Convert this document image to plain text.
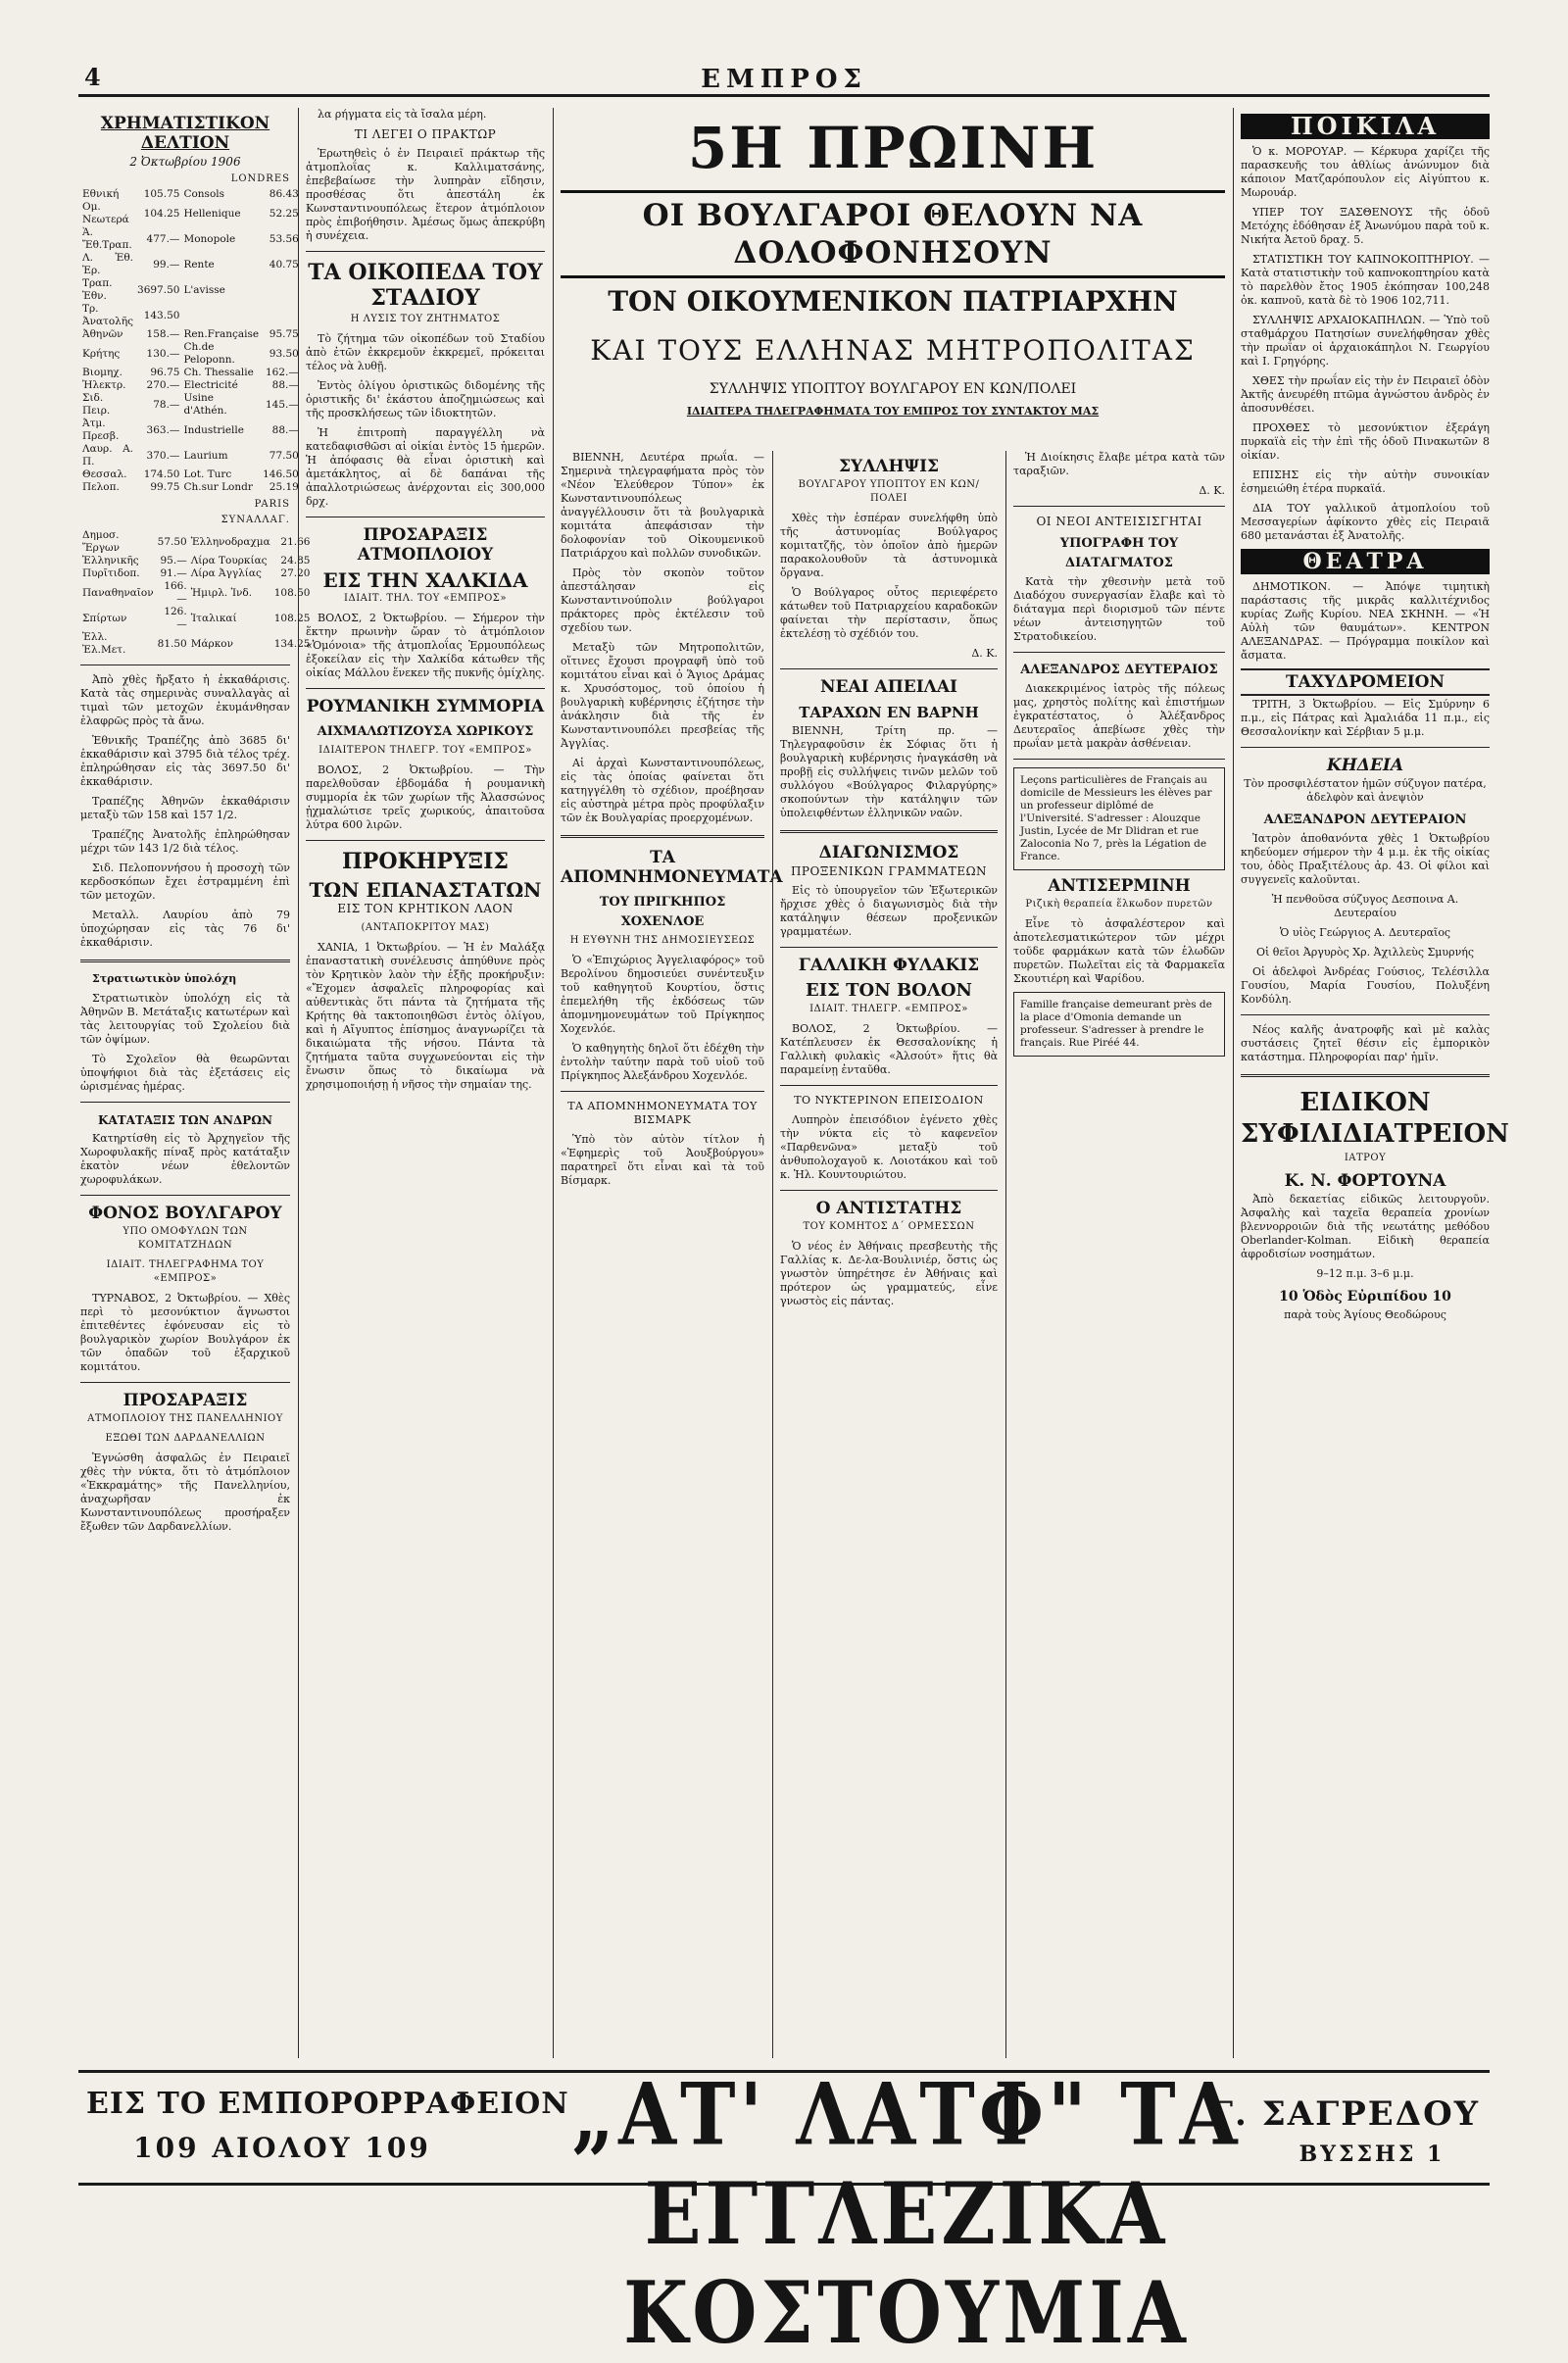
4	ΕΜΠΡΟΣ
ΧΡΗΜΑΤΙΣΤΙΚΟΝ ΔΕΛΤΙΟΝ
2 Ὀκτωβρίου 1906
LONDRES
Εθνική	105.75	Consols	86.43
Ομ. Νεωτερά	104.25	Hellenique	52.25
Ὰ. Ἔθ.Τραπ.	477.—	Monopole	53.56
Λ. Ἐθ. Ἐρ.	99.—	Rente	40.75
Τραπ. Ἑθν.	3697.50	L'avisse	
Τρ. Ἀνατολῆς	143.50		
Ἀθηνῶν	158.—	Ren.Française	95.75
Κρήτης	130.—	Ch.de Peloponn.	93.50
Βιομηχ.	96.75	Ch. Thessalie	162.—
Ἠλεκτρ.	270.—	Electricité	88.—
Σιδ. Πειρ.	78.—	Usine d'Athén.	145.—
Ἀτμ. Πρεσβ.	363.—	Industrielle	88.—
Λαυρ. Α. Π.	370.—	Laurium	77.50
Θεσσαλ.	174.50	Lot. Turc	146.50
Πελοπ.	99.75	Ch.sur Londr	25.19
PARIS
ΣΥΝΑΛΛΑΓ.
Δημοσ. Ἔργων	57.50	Ἑλληνοδραχμα	21.66
Ἑλληνικῆς	95.—	Λίρα Τουρκίας	24.85
Πυρῖτιδοπ.	91.—	Λίρα Ἀγγλίας	27.20
Παναθηναῖον	166.—	Ἡμιρλ. Ἰνδ.	108.50
Σπίρτων	126.—	Ἰταλικαί	108.25
Ἑλλ. Ἐλ.Μετ.	81.50	Μάρκον	134.25

Ἀπὸ χθὲς ἤρξατο ἡ ἐκκαθάρισις. Κατὰ τὰς σημερινὰς συναλλαγὰς αἱ τιμαὶ τῶν μετοχῶν ἐκυμάνθησαν ἐλαφρῶς πρὸς τὰ ἄνω.

Ἐθνικῆς Τραπέζης ἀπὸ 3685 δι' ἐκκαθάρισιν καὶ 3795 διὰ τέλος τρέχ. ἐπληρώθησαν εἰς τὰς 3697.50 δι' ἐκκαθάρισιν.

Τραπέζης Ἀθηνῶν ἐκκαθάρισιν μεταξὺ τῶν 158 καὶ 157 1/2.

Τραπέζης Ἀνατολῆς ἐπληρώθησαν μέχρι τῶν 143 1/2 διὰ τέλος.

Σιδ. Πελοποννήσου ἡ προσοχὴ τῶν κερδοσκόπων ἔχει ἐστραμμένη ἐπὶ τῶν μετοχῶν.

Μεταλλ. Λαυρίου ἀπὸ 79 ὑποχώρησαν εἰς τὰς 76 δι' ἐκκαθάρισιν.

Στρατιωτικὸν ὑπολόχη

Στρατιωτικὸν ὑπολόχη εἰς τὰ Ἀθηνῶν Β. Μετάταξις κατωτέρων καὶ τὰς λειτουργίας τοῦ Σχολείου διὰ τῶν ὀψίμων.

Τὸ Σχολεῖον θὰ θεωρῶνται ὑποψήφιοι διὰ τὰς ἐξετάσεις εἰς ὡρισμένας ἡμέρας.

ΚΑΤΑΤΑΞΙΣ ΤΩΝ ΑΝΔΡΩΝ

Κατηρτίσθη εἰς τὸ Ἀρχηγεῖον τῆς Χωροφυλακῆς πίναξ πρὸς κατάταξιν ἑκατὸν νέων ἐθελοντῶν χωροφυλάκων.

ΦΟΝΟΣ ΒΟΥΛΓΑΡΟΥ
ΥΠΟ ΟΜΟΦΥΛΩΝ ΤΩΝ ΚΟΜΙΤΑΤΖΗΔΩΝ
ΙΔΙΑΙΤ. ΤΗΛΕΓΡΑΦΗΜΑ ΤΟΥ «ΕΜΠΡΟΣ»

ΤΥΡΝΑΒΟΣ, 2 Ὀκτωβρίου. — Χθὲς περὶ τὸ μεσονύκτιον ἄγνωστοι ἐπιτεθέντες ἐφόνευσαν εἰς τὸ βουλγαρικὸν χωρίον Βουλγάρον ἐκ τῶν ὀπαδῶν τοῦ ἐξαρχικοῦ κομιτάτου.

ΠΡΟΣΑΡΑΞΙΣ
ΑΤΜΟΠΛΟΙΟΥ ΤΗΣ ΠΑΝΕΛΛΗΝΙΟΥ
ΕΞΩΘΙ ΤΩΝ ΔΑΡΔΑΝΕΛΛΙΩΝ

Ἐγνώσθη ἀσφαλῶς ἐν Πειραιεῖ χθὲς τὴν νύκτα, ὅτι τὸ ἀτμόπλοιον «Ἐκκραμάτης» τῆς Πανελληνίου, ἀναχωρῆσαν ἐκ Κωνσταντινουπόλεως προσήραξεν ἔξωθεν τῶν Δαρδανελλίων.

λα ρήγματα εἰς τὰ ἴσαλα μέρη.

ΤΙ ΛΕΓΕΙ Ο ΠΡΑΚΤΩΡ

Ἐρωτηθεὶς ὁ ἐν Πειραιεῖ πράκτωρ τῆς ἀτμοπλοΐας κ. Καλλιματσάνης, ἐπεβεβαίωσε τὴν λυπηρὰν εἴδησιν, προσθέσας ὅτι ἀπεστάλη ἐκ Κωνσταντινουπόλεως ἕτερον ἀτμόπλοιον πρὸς ἐπιβοήθησιν. Ἀμέσως ὅμως ἀπεκρύβη ἡ συνέχεια.

ΤΑ ΟΙΚΟΠΕΔΑ ΤΟΥ ΣΤΑΔΙΟΥ
Η ΛΥΣΙΣ ΤΟΥ ΖΗΤΗΜΑΤΟΣ

Τὸ ζήτημα τῶν οἰκοπέδων τοῦ Σταδίου ἀπὸ ἐτῶν ἐκκρεμοῦν ἐκκρεμεῖ, πρόκειται τέλος νὰ λυθῇ.

Ἐντὸς ὀλίγου ὁριστικῶς διδομένης τῆς ὁριστικῆς δι' ἑκάστου ἀποζημιώσεως καὶ τῆς προσκλήσεως τῶν ἰδιοκτητῶν.

Ἡ ἐπιτροπὴ παραγγέλλη νὰ κατεδαφισθῶσι αἱ οἰκίαι ἐντὸς 15 ἡμερῶν. Ἡ ἀπόφασις θὰ εἶναι ὁριστικὴ καὶ ἀμετάκλητος, αἱ δὲ δαπάναι τῆς ἀπαλλοτριώσεως ἀνέρχονται εἰς 300,000 δρχ.

ΠΡΟΣΑΡΑΞΙΣ ΑΤΜΟΠΛΟΙΟΥ
ΕΙΣ ΤΗΝ ΧΑΛΚΙΔΑ
ΙΔΙΑΙΤ. ΤΗΛ. ΤΟΥ «ΕΜΠΡΟΣ»

ΒΟΛΟΣ, 2 Ὀκτωβρίου. — Σήμερον τὴν ἕκτην πρωινὴν ὥραν τὸ ἀτμόπλοιον «Ὁμόνοια» τῆς ἀτμοπλοΐας Ἑρμουπόλεως ἐξοκείλαν εἰς τὴν Χαλκίδα κάτωθεν τῆς οἰκίας Μάλλου ἕνεκεν τῆς πυκνῆς ὁμίχλης.

ΡΟΥΜΑΝΙΚΗ ΣΥΜΜΟΡΙΑ
ΑΙΧΜΑΛΩΤΙΖΟΥΣΑ ΧΩΡΙΚΟΥΣ
ΙΔΙΑΙΤΕΡΟΝ ΤΗΛΕΓΡ. ΤΟΥ «ΕΜΠΡΟΣ»

ΒΟΛΟΣ, 2 Ὀκτωβρίου. — Τὴν παρελθοῦσαν ἑβδομάδα ἡ ρουμανικὴ συμμορία ἐκ τῶν χωρίων τῆς Ἀλασσώνος ᾐχμαλώτισε τρεῖς χωρικούς, ἀπαιτοῦσα λύτρα 600 λιρῶν.

ΠΡΟΚΗΡΥΞΙΣ
ΤΩΝ ΕΠΑΝΑΣΤΑΤΩΝ
ΕΙΣ ΤΟΝ ΚΡΗΤΙΚΟΝ ΛΑΟΝ
(ΑΝΤΑΠΟΚΡΙΤΟΥ ΜΑΣ)

ΧΑΝΙΑ, 1 Ὀκτωβρίου. — Ἡ ἐν Μαλάξᾳ ἐπαναστατικὴ συνέλευσις ἀπηύθυνε πρὸς τὸν Κρητικὸν λαὸν τὴν ἑξῆς προκήρυξιν: «Ἔχομεν ἀσφαλεῖς πληροφορίας καὶ αὐθεντικὰς ὅτι πάντα τὰ ζητήματα τῆς Κρήτης θὰ τακτοποιηθῶσι ἐντὸς ὀλίγου, καὶ ἡ Αἴγυπτος ἐπίσημος ἀναγνωρίζει τὰ δικαιώματα τῆς νήσου. Πάντα τὰ ζητήματα ταῦτα συγχωνεύονται εἰς τὴν ἔνωσιν ὅπως τὸ δικαίωμα νὰ χρησιμοποιήσῃ ἡ νῆσος τὴν σημαίαν της.

5Η ΠΡΩΙΝΗ
ΟΙ ΒΟΥΛΓΑΡΟΙ ΘΕΛΟΥΝ ΝΑ ΔΟΛΟΦΟΝΗΣΟΥΝ
ΤΟΝ ΟΙΚΟΥΜΕΝΙΚΟΝ ΠΑΤΡΙΑΡΧΗΝ
ΚΑΙ ΤΟΥΣ ΕΛΛΗΝΑΣ ΜΗΤΡΟΠΟΛΙΤΑΣ
ΣΥΛΛΗΨΙΣ ΥΠΟΠΤΟΥ ΒΟΥΛΓΑΡΟΥ ΕΝ ΚΩΝ/ΠΟΛΕΙ
ΙΔΙΑΙΤΕΡΑ ΤΗΛΕΓΡΑΦΗΜΑΤΑ ΤΟΥ ΕΜΠΡΟΣ ΤΟΥ ΣΥΝΤΑΚΤΟΥ ΜΑΣ

ΒΙΕΝΝΗ, Δευτέρα πρωΐα. — Σημερινὰ τηλεγραφήματα πρὸς τὸν «Νέον Ἐλεύθερον Τύπον» ἐκ Κωνσταντινουπόλεως ἀναγγέλλουσιν ὅτι τὰ βουλγαρικὰ κομιτάτα ἀπεφάσισαν τὴν δολοφονίαν τοῦ Οἰκουμενικοῦ Πατριάρχου καὶ πολλῶν συνοδικῶν.

Πρὸς τὸν σκοπὸν τοῦτον ἀπεστάλησαν εἰς Κωνσταντινούπολιν βούλγαροι πράκτορες πρὸς ἐκτέλεσιν τοῦ σχεδίου των.

Μεταξὺ τῶν Μητροπολιτῶν, οἵτινες ἔχουσι προγραφῆ ὑπὸ τοῦ κομιτάτου εἶναι καὶ ὁ Ἅγιος Δράμας κ. Χρυσόστομος, τοῦ ὁποίου ἡ βουλγαρικὴ κυβέρνησις ἐζήτησε τὴν ἀνάκλησιν διὰ τῆς ἐν Κωνσταντινουπόλει πρεσβείας τῆς Ἀγγλίας.

Αἱ ἀρχαὶ Κωνσταντινουπόλεως, εἰς τὰς ὁποίας φαίνεται ὅτι κατηγγέλθη τὸ σχέδιον, προέβησαν εἰς αὐστηρὰ μέτρα πρὸς προφύλαξιν τῶν ἐκ Βουλγαρίας προερχομένων.

ΤΑ ΑΠΟΜΝΗΜΟΝΕΥΜΑΤΑ
ΤΟΥ ΠΡΙΓΚΗΠΟΣ ΧΟΧΕΝΛΟΕ
Η ΕΥΘΥΝΗ ΤΗΣ ΔΗΜΟΣΙΕΥΣΕΩΣ

Ὁ «Ἐπιχώριος Ἀγγελιαφόρος» τοῦ Βερολίνου δημοσιεύει συνέντευξιν τοῦ καθηγητοῦ Κουρτίου, ὅστις ἐπεμελήθη τῆς ἐκδόσεως τῶν ἀπομνημονευμάτων τοῦ Πρίγκηπος Χοχενλόε.

Ὁ καθηγητὴς δηλοῖ ὅτι ἐδέχθη τὴν ἐντολὴν ταύτην παρὰ τοῦ υἱοῦ τοῦ Πρίγκηπος Ἀλεξάνδρου Χοχενλόε.

ΤΑ ΑΠΟΜΝΗΜΟΝΕΥΜΑΤΑ ΤΟΥ ΒΙΣΜΑΡΚ

Ὑπὸ τὸν αὐτὸν τίτλον ἡ «Ἐφημερὶς τοῦ Ἀουξβούργου» παρατηρεῖ ὅτι εἶναι καὶ τὰ τοῦ Βίσμαρκ.

ΣΥΛΛΗΨΙΣ
ΒΟΥΛΓΑΡΟΥ ΥΠΟΠΤΟΥ ΕΝ ΚΩΝ/ΠΟΛΕΙ

Χθὲς τὴν ἑσπέραν συνελήφθη ὑπὸ τῆς ἀστυνομίας Βούλγαρος κομιτατζῆς, τὸν ὁποῖον ἀπὸ ἡμερῶν παρακολουθοῦν τὰ ἀστυνομικὰ ὄργανα.

Ὁ Βούλγαρος οὗτος περιεφέρετο κάτωθεν τοῦ Πατριαρχείου καραδοκῶν φαίνεται τὴν περίστασιν, ὅπως ἐκτελέσῃ τὸ σχέδιόν του.

Δ. Κ.

ΝΕΑΙ ΑΠΕΙΛΑΙ
ΤΑΡΑΧΩΝ ΕΝ ΒΑΡΝΗ

ΒΙΕΝΝΗ, Τρίτη πρ. — Τηλεγραφοῦσιν ἐκ Σόφιας ὅτι ἡ βουλγαρικὴ κυβέρνησις ἠναγκάσθη νὰ προβῇ εἰς συλλήψεις τινῶν μελῶν τοῦ συλλόγου «Βούλγαρος Φιλαργύρης» σκοπούντων τὴν κατάληψιν τῶν ὑπολειφθέντων ἐλληνικῶν ναῶν.

ΔΙΑΓΩΝΙΣΜΟΣ
ΠΡΟΞΕΝΙΚΩΝ ΓΡΑΜΜΑΤΕΩΝ

Εἰς τὸ ὑπουργεῖον τῶν Ἐξωτερικῶν ἤρχισε χθὲς ὁ διαγωνισμὸς διὰ τὴν κατάληψιν θέσεων προξενικῶν γραμματέων.

ΓΑΛΛΙΚΗ ΦΥΛΑΚΙΣ
ΕΙΣ ΤΟΝ ΒΟΛΟΝ
ΙΔΙΑΙΤ. ΤΗΛΕΓΡ. «ΕΜΠΡΟΣ»

ΒΟΛΟΣ, 2 Ὀκτωβρίου. — Κατέπλευσεν ἐκ Θεσσαλονίκης ἡ Γαλλικὴ φυλακὶς «Ἀλσούτ» ἥτις θὰ παραμείνῃ ἐνταῦθα.

ΤΟ ΝΥΚΤΕΡΙΝΟΝ ΕΠΕΙΣΟΔΙΟΝ

Λυπηρὸν ἐπεισόδιον ἐγένετο χθὲς τὴν νύκτα εἰς τὸ καφενεῖον «Παρθενῶνα» μεταξὺ τοῦ ἀνθυπολοχαγοῦ κ. Λοιοτάκου καὶ τοῦ κ. Ἡλ. Κουντουριώτου.

Ο ΑΝΤΙΣΤΑΤΗΣ
ΤΟΥ ΚΟΜΗΤΟΣ Δ΄ ΟΡΜΕΣΣΩΝ

Ὁ νέος ἐν Ἀθήναις πρεσβευτὴς τῆς Γαλλίας κ. Δε-λα-Βουλινιέρ, ὅστις ὡς γνωστὸν ὑπηρέτησε ἐν Ἀθήναις καὶ πρότερον ὡς γραμματεύς, εἶνε γνωστὸς εἰς πάντας.

Ἡ Διοίκησις ἔλαβε μέτρα κατὰ τῶν ταραξιῶν.

Δ. Κ.

ΟΙ ΝΕΟΙ ΑΝΤΕΙΣΙΣΓΗΤΑΙ
ΥΠΟΓΡΑΦΗ ΤΟΥ ΔΙΑΤΑΓΜΑΤΟΣ

Κατὰ τὴν χθεσινὴν μετὰ τοῦ Διαδόχου συνεργασίαν ἔλαβε καὶ τὸ διάταγμα περὶ διορισμοῦ τῶν πέντε νέων ἀντεισηγητῶν τοῦ Στρατοδικείου.

ΑΛΕΞΑΝΔΡΟΣ ΔΕΥΤΕΡΑΙΟΣ

Διακεκριμένος ἰατρὸς τῆς πόλεως μας, χρηστὸς πολίτης καὶ ἐπιστήμων ἐγκρατέστατος, ὁ Ἀλέξανδρος Δευτεραῖος ἀπεβίωσε χθὲς τὴν πρωΐαν μετὰ μακρὰν ἀσθένειαν.

Leçons particulières de Français au domicile de Messieurs les élèves par un professeur diplômé de l'Université. S'adresser : Alouzque Justin, Lycée de Mr Dlidran et rue Zaloconia No 7, près la Légation de France.
ΑΝΤΙΣΕΡΜΙΝΗ
Ριζικὴ θεραπεία ἕλκωδον πυρετῶν

Εἶνε τὸ ἀσφαλέστερον καὶ ἀποτελεσματικώτερον τῶν μέχρι τοῦδε φαρμάκων κατὰ τῶν ἑλωδῶν πυρετῶν. Πωλεῖται εἰς τὰ Φαρμακεῖα Σκουτιέρη καὶ Ψαρίδου.

Famille française demeurant près de la place d'Omonia demande un professeur. S'adresser à prendre le français. Rue Piréé 44.
ΠΟΙΚΙΛΑ

Ὁ κ. ΜΟΡΟΥΑΡ. — Κέρκυρα χαρίζει τῆς παρασκευῆς του ἀθλίως ἀνώνυμον διὰ κάποιον Ματζαρόπουλον εἰς Αἰγύπτου κ. Μωρουάρ.

ΥΠΕΡ ΤΟΥ ΞΑΣΘΕΝΟΥΣ τῆς ὁδοῦ Μετόχης ἐδόθησαν ἐξ Ἀνωνύμου παρὰ τοῦ κ. Νικήτα Ἀετοῦ δραχ. 5.

ΣΤΑΤΙΣΤΙΚΗ ΤΟΥ ΚΑΠΝΟΚΟΠΤΗΡΙΟΥ. — Κατὰ στατιστικὴν τοῦ καπνοκοπτηρίου κατὰ τὸ παρελθὸν ἔτος 1905 ἐκόπησαν 100,248 ὀκ. καπνοῦ, κατὰ δὲ τὸ 1906 102,711.

ΣΥΛΛΗΨΙΣ ΑΡΧΑΙΟΚΑΠΗΛΩΝ. — Ὑπὸ τοῦ σταθμάρχου Πατησίων συνελήφθησαν χθὲς τὴν πρωΐαν οἱ ἀρχαιοκάπηλοι Ν. Γεωργίου καὶ Ι. Γρηγόρης.

ΧΘΕΣ τὴν πρωΐαν εἰς τὴν ἐν Πειραιεῖ ὁδὸν Ἀκτῆς ἀνευρέθη πτῶμα ἀγνώστου ἀνδρὸς ἐν ἀποσυνθέσει.

ΠΡΟΧΘΕΣ τὸ μεσονύκτιον ἐξεράγη πυρκαϊὰ εἰς τὴν ἐπὶ τῆς ὁδοῦ Πινακωτῶν 8 οἰκίαν.

ΕΠΙΣΗΣ εἰς τὴν αὐτὴν συνοικίαν ἐσημειώθη ἑτέρα πυρκαϊά.

ΔΙΑ ΤΟΥ γαλλικοῦ ἀτμοπλοίου τοῦ Μεσσαγερίων ἀφίκοντο χθὲς εἰς Πειραιᾶ 680 μετανάσται ἐξ Ἀνατολῆς.

ΘΕΑΤΡΑ

ΔΗΜΟΤΙΚΟΝ. — Ἀπόψε τιμητικὴ παράστασις τῆς μικρᾶς καλλιτέχνιδος κυρίας Ζωῆς Κυρίου. ΝΕΑ ΣΚΗΝΗ. — «Ἡ Αὐλὴ τῶν θαυμάτων». ΚΕΝΤΡΟΝ ΑΛΕΞΑΝΔΡΑΣ. — Πρόγραμμα ποικίλον καὶ ἄσματα.

ΤΑΧΥΔΡΟΜΕΙΟΝ

ΤΡΙΤΗ, 3 Ὀκτωβρίου. — Εἰς Σμύρνην 6 π.μ., εἰς Πάτρας καὶ Ἀμαλιάδα 11 π.μ., εἰς Θεσσαλονίκην καὶ Σέρβιαν 5 μ.μ.

ΚΗΔΕΙΑ

Τὸν προσφιλέστατον ἡμῶν σύζυγον πατέρα, ἀδελφὸν καὶ ἀνεψιὸν

ΑΛΕΞΑΝΔΡΟΝ ΔΕΥΤΕΡΑΙΟΝ

Ἰατρὸν ἀποθανόντα χθὲς 1 Ὀκτωβρίου κηδεύομεν σήμερον τὴν 4 μ.μ. ἐκ τῆς οἰκίας του, ὁδὸς Πραξιτέλους ἀρ. 43. Οἱ φίλοι καὶ συγγενεῖς καλοῦνται.

Ἡ πενθοῦσα σύζυγος Δεσποινα Α. Δευτεραίου

Ὁ υἱὸς Γεώργιος Α. Δευτεραῖος

Οἱ θεῖοι Ἀργυρὸς Χρ. Ἀχιλλεὺς Σμυρνής

Οἱ ἀδελφοὶ Ἀνδρέας Γούσιος, Τελέσιλλα Γουσίου, Μαρία Γουσίου, Πολυξένη Κονδύλη.

Νέος καλῆς ἀνατροφῆς καὶ μὲ καλὰς συστάσεις ζητεῖ θέσιν εἰς ἐμπορικὸν κατάστημα. Πληροφορίαι παρ' ἡμῖν.

ΕΙΔΙΚΟΝ ΣΥΦΙΛΙΔΙΑΤΡΕΙΟΝ
ΙΑΤΡΟΥ
Κ. Ν. ΦΟΡΤΟΥΝΑ

Ἀπὸ δεκαετίας εἰδικῶς λειτουργοῦν. Ἀσφαλὴς καὶ ταχεῖα θεραπεία χρονίων βλεννορροιῶν διὰ τῆς νεωτάτης μεθόδου Oberlander-Kolman. Εἰδικὴ θεραπεία ἀφροδισίων νοσημάτων.

9–12 π.μ. 3–6 μ.μ.

10 Ὁδὸς Εὐριπίδου 10

παρὰ τοὺς Ἁγίους Θεοδώρους

ΕΙΣ ΤΟ ΕΜΠΟΡΟΡΡΑΦΕΙΟΝ
109 ΑΙΟΛΟΥ 109	„ΑΤ' ΛΑΤΦ" ΤΑ ΕΓΓΛΕΖΙΚΑ ΚΟΣΤΟΥΜΙΑ
Γ. ΣΑΓΡΕΔΟΥ
ΒΥΣΣΗΣ 1
